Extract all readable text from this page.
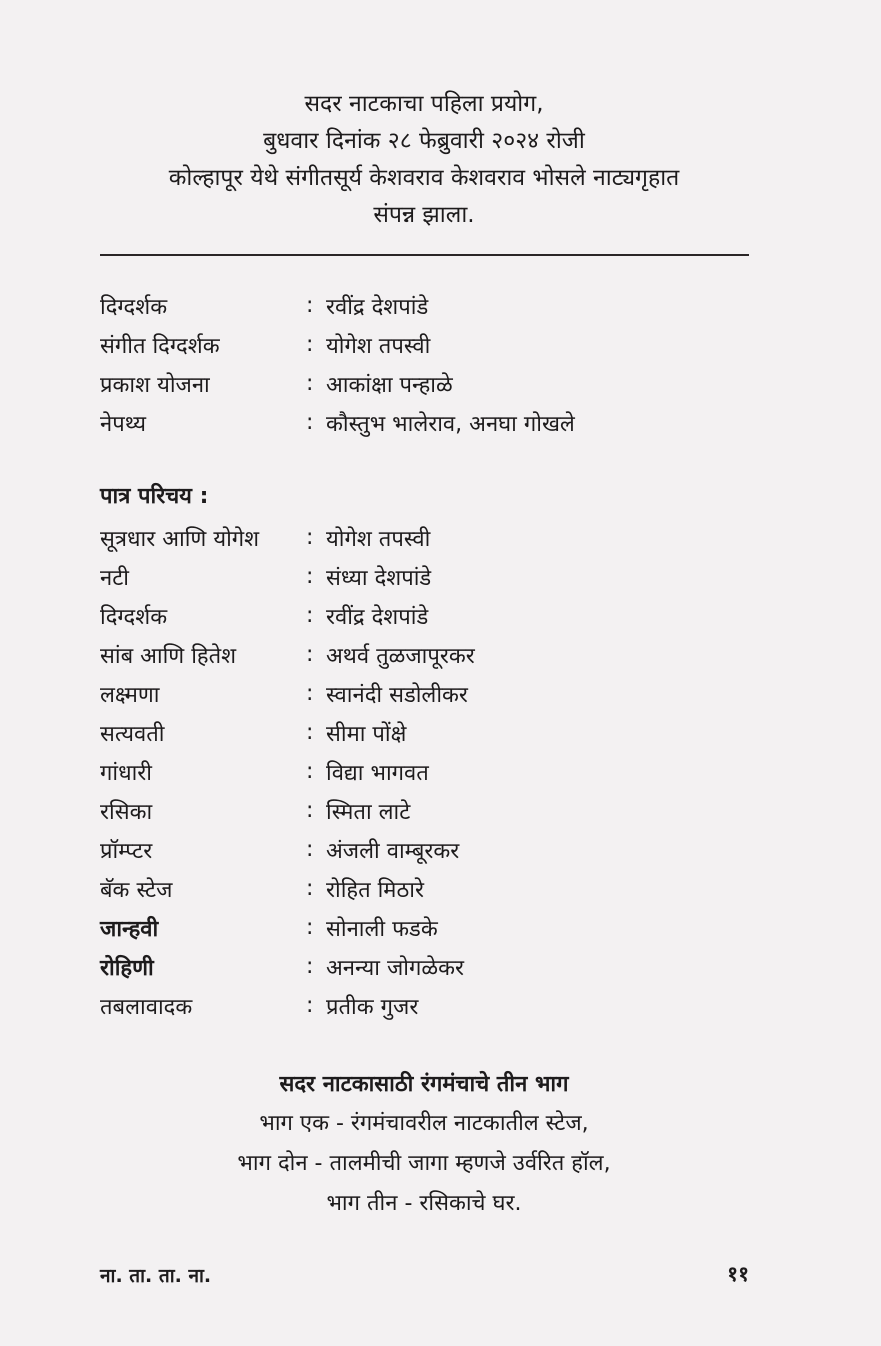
सदर नाटकाचा पहिला प्रयोग,
बुधवार दिनांक २८ फेब्रुवारी २०२४ रोजी
कोल्हापूर येथे संगीतसूर्य केशवराव केशवराव भोसले नाट्यगृहात
संपन्न झाला.
दिग्दर्शक	: रवींद्र देशपांडे
संगीत दिग्दर्शक	: योगेश तपस्वी
प्रकाश योजना	: आकांक्षा पन्हाळे
नेपथ्य	: कौस्तुभ भालेराव, अनघा गोखले
पात्र परिचय :
सूत्रधार आणि योगेश	: योगेश तपस्वी
नटी	: संध्या देशपांडे
दिग्दर्शक	: रवींद्र देशपांडे
सांब आणि हितेश	: अथर्व तुळजापूरकर
लक्ष्मणा	: स्वानंदी सडोलीकर
सत्यवती	: सीमा पोंक्षे
गांधारी	: विद्या भागवत
रसिका	: स्मिता लाटे
प्रॉम्प्टर	: अंजली वाम्बूरकर
बॅक स्टेज	: रोहित मिठारे
जान्हवी	: सोनाली फडके
रोहिणी	: अनन्या जोगळेकर
तबलावादक	: प्रतीक गुजर
सदर नाटकासाठी रंगमंचाचे तीन भाग
भाग एक - रंगमंचावरील नाटकातील स्टेज,
भाग दोन - तालमीची जागा म्हणजे उर्वरित हॉल,
भाग तीन - रसिकाचे घर.
ना. ता. ता. ना.	११
